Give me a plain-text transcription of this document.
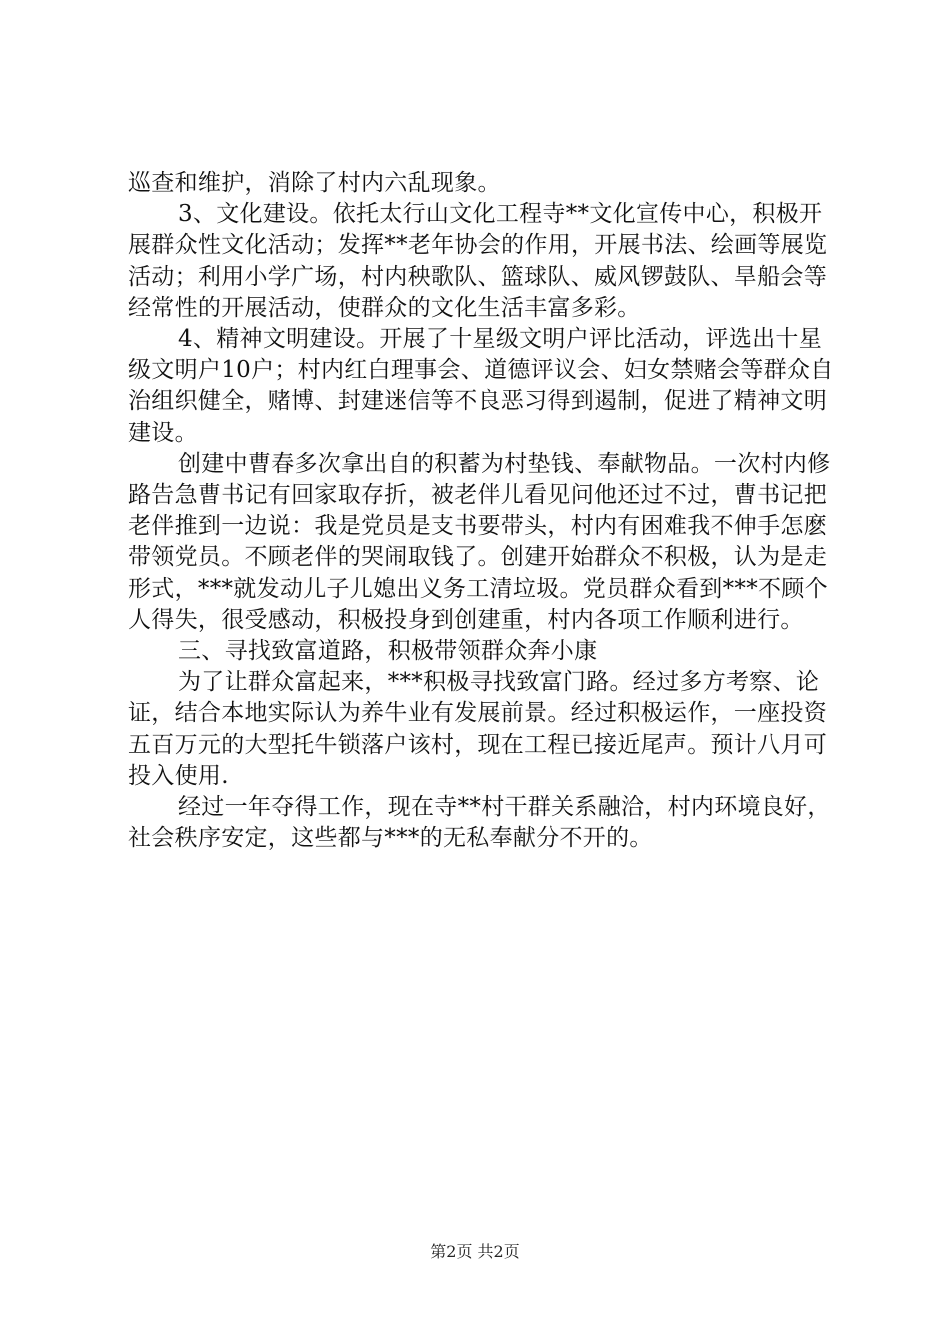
巡查和维护，消除了村内六乱现象。

3、文化建设。依托太行山文化工程寺**文化宣传中心，积极开展群众性文化活动；发挥**老年协会的作用，开展书法、绘画等展览活动；利用小学广场，村内秧歌队、篮球队、威风锣鼓队、旱船会等经常性的开展活动，使群众的文化生活丰富多彩。

4、精神文明建设。开展了十星级文明户评比活动，评选出十星级文明户10户；村内红白理事会、道德评议会、妇女禁赌会等群众自治组织健全，赌博、封建迷信等不良恶习得到遏制，促进了精神文明建设。

创建中曹春多次拿出自的积蓄为村垫钱、奉献物品。一次村内修路告急曹书记有回家取存折，被老伴儿看见问他还过不过，曹书记把老伴推到一边说：我是党员是支书要带头，村内有困难我不伸手怎麽带领党员。不顾老伴的哭闹取钱了。创建开始群众不积极，认为是走形式，***就发动儿子儿媳出义务工清垃圾。党员群众看到***不顾个人得失，很受感动，积极投身到创建重，村内各项工作顺利进行。

三、寻找致富道路，积极带领群众奔小康

为了让群众富起来，***积极寻找致富门路。经过多方考察、论证，结合本地实际认为养牛业有发展前景。经过积极运作，一座投资五百万元的大型托牛锁落户该村，现在工程已接近尾声。预计八月可投入使用.

经过一年夺得工作，现在寺**村干群关系融洽，村内环境良好，社会秩序安定，这些都与***的无私奉献分不开的。

第2页 共2页
